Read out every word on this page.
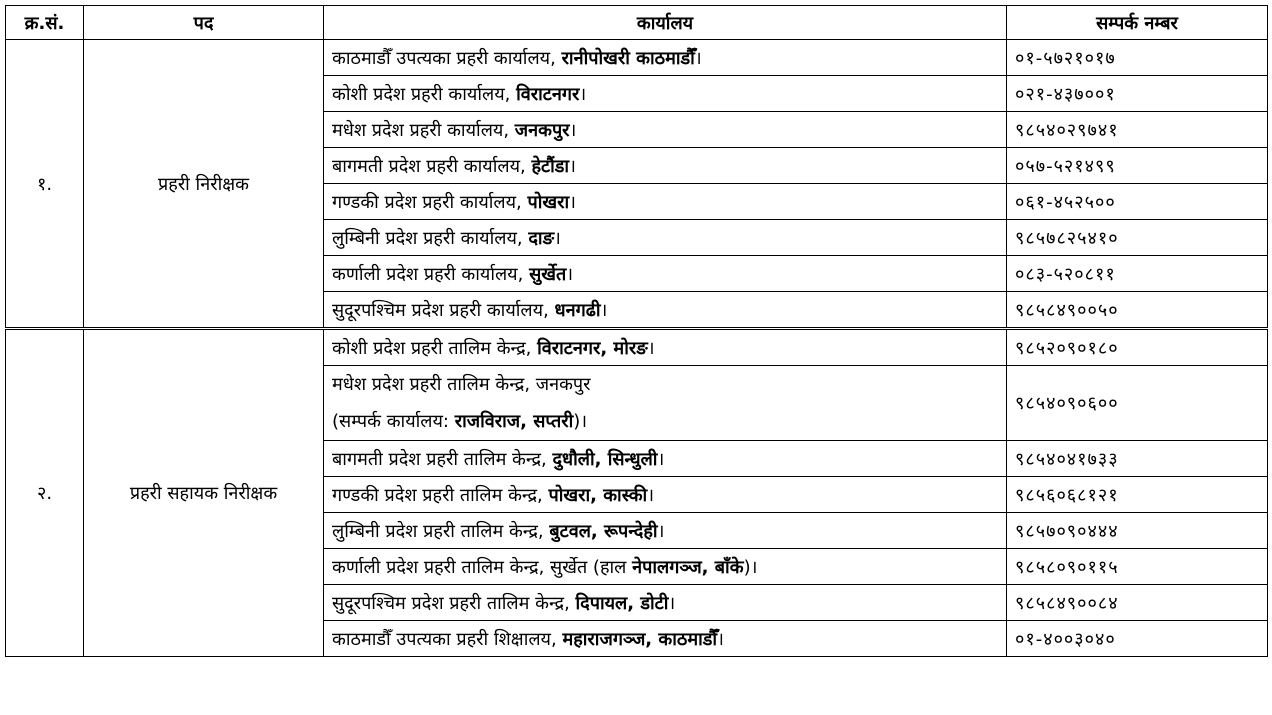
क्र.सं.	पद	कार्यालय	सम्पर्क नम्बर
१.	प्रहरी निरीक्षक	काठमाडौँ उपत्यका प्रहरी कार्यालय, रानीपोखरी काठमाडौँ।	०१-५७२१०१७
		कोशी प्रदेश प्रहरी कार्यालय, विराटनगर।	०२१-४३७००१
		मधेश प्रदेश प्रहरी कार्यालय, जनकपुर।	९८५४०२९७४१
		बागमती प्रदेश प्रहरी कार्यालय, हेटौंडा।	०५७-५२१४९९
		गण्डकी प्रदेश प्रहरी कार्यालय, पोखरा।	०६१-४५२५००
		लुम्बिनी प्रदेश प्रहरी कार्यालय, दाङ।	९८५७८२५४१०
		कर्णाली प्रदेश प्रहरी कार्यालय, सुर्खेत।	०८३-५२०८११
		सुदूरपश्चिम प्रदेश प्रहरी कार्यालय, धनगढी।	९८५८४९००५०
२.	प्रहरी सहायक निरीक्षक	कोशी प्रदेश प्रहरी तालिम केन्द्र, विराटनगर, मोरङ।	९८५२०९०१८०

		मधेश प्रदेश प्रहरी तालिम केन्द्र, जनकपुर
(सम्पर्क कार्यालय: राजविराज, सप्तरी)।	९८५४०९०६००
		बागमती प्रदेश प्रहरी तालिम केन्द्र, दुधौली, सिन्धुली।	९८५४०४१७३३
		गण्डकी प्रदेश प्रहरी तालिम केन्द्र, पोखरा, कास्की।	९८५६०६८१२१
		लुम्बिनी प्रदेश प्रहरी तालिम केन्द्र, बुटवल, रूपन्देही।	९८५७०९०४४४
		कर्णाली प्रदेश प्रहरी तालिम केन्द्र, सुर्खेत (हाल नेपालगञ्ज, बाँके)।	९८५८०९०११५
		सुदूरपश्चिम प्रदेश प्रहरी तालिम केन्द्र, दिपायल, डोटी।	९८५८४९००८४
		काठमाडौँ उपत्यका प्रहरी शिक्षालय, महाराजगञ्ज, काठमाडौँ।	०१-४००३०४०
